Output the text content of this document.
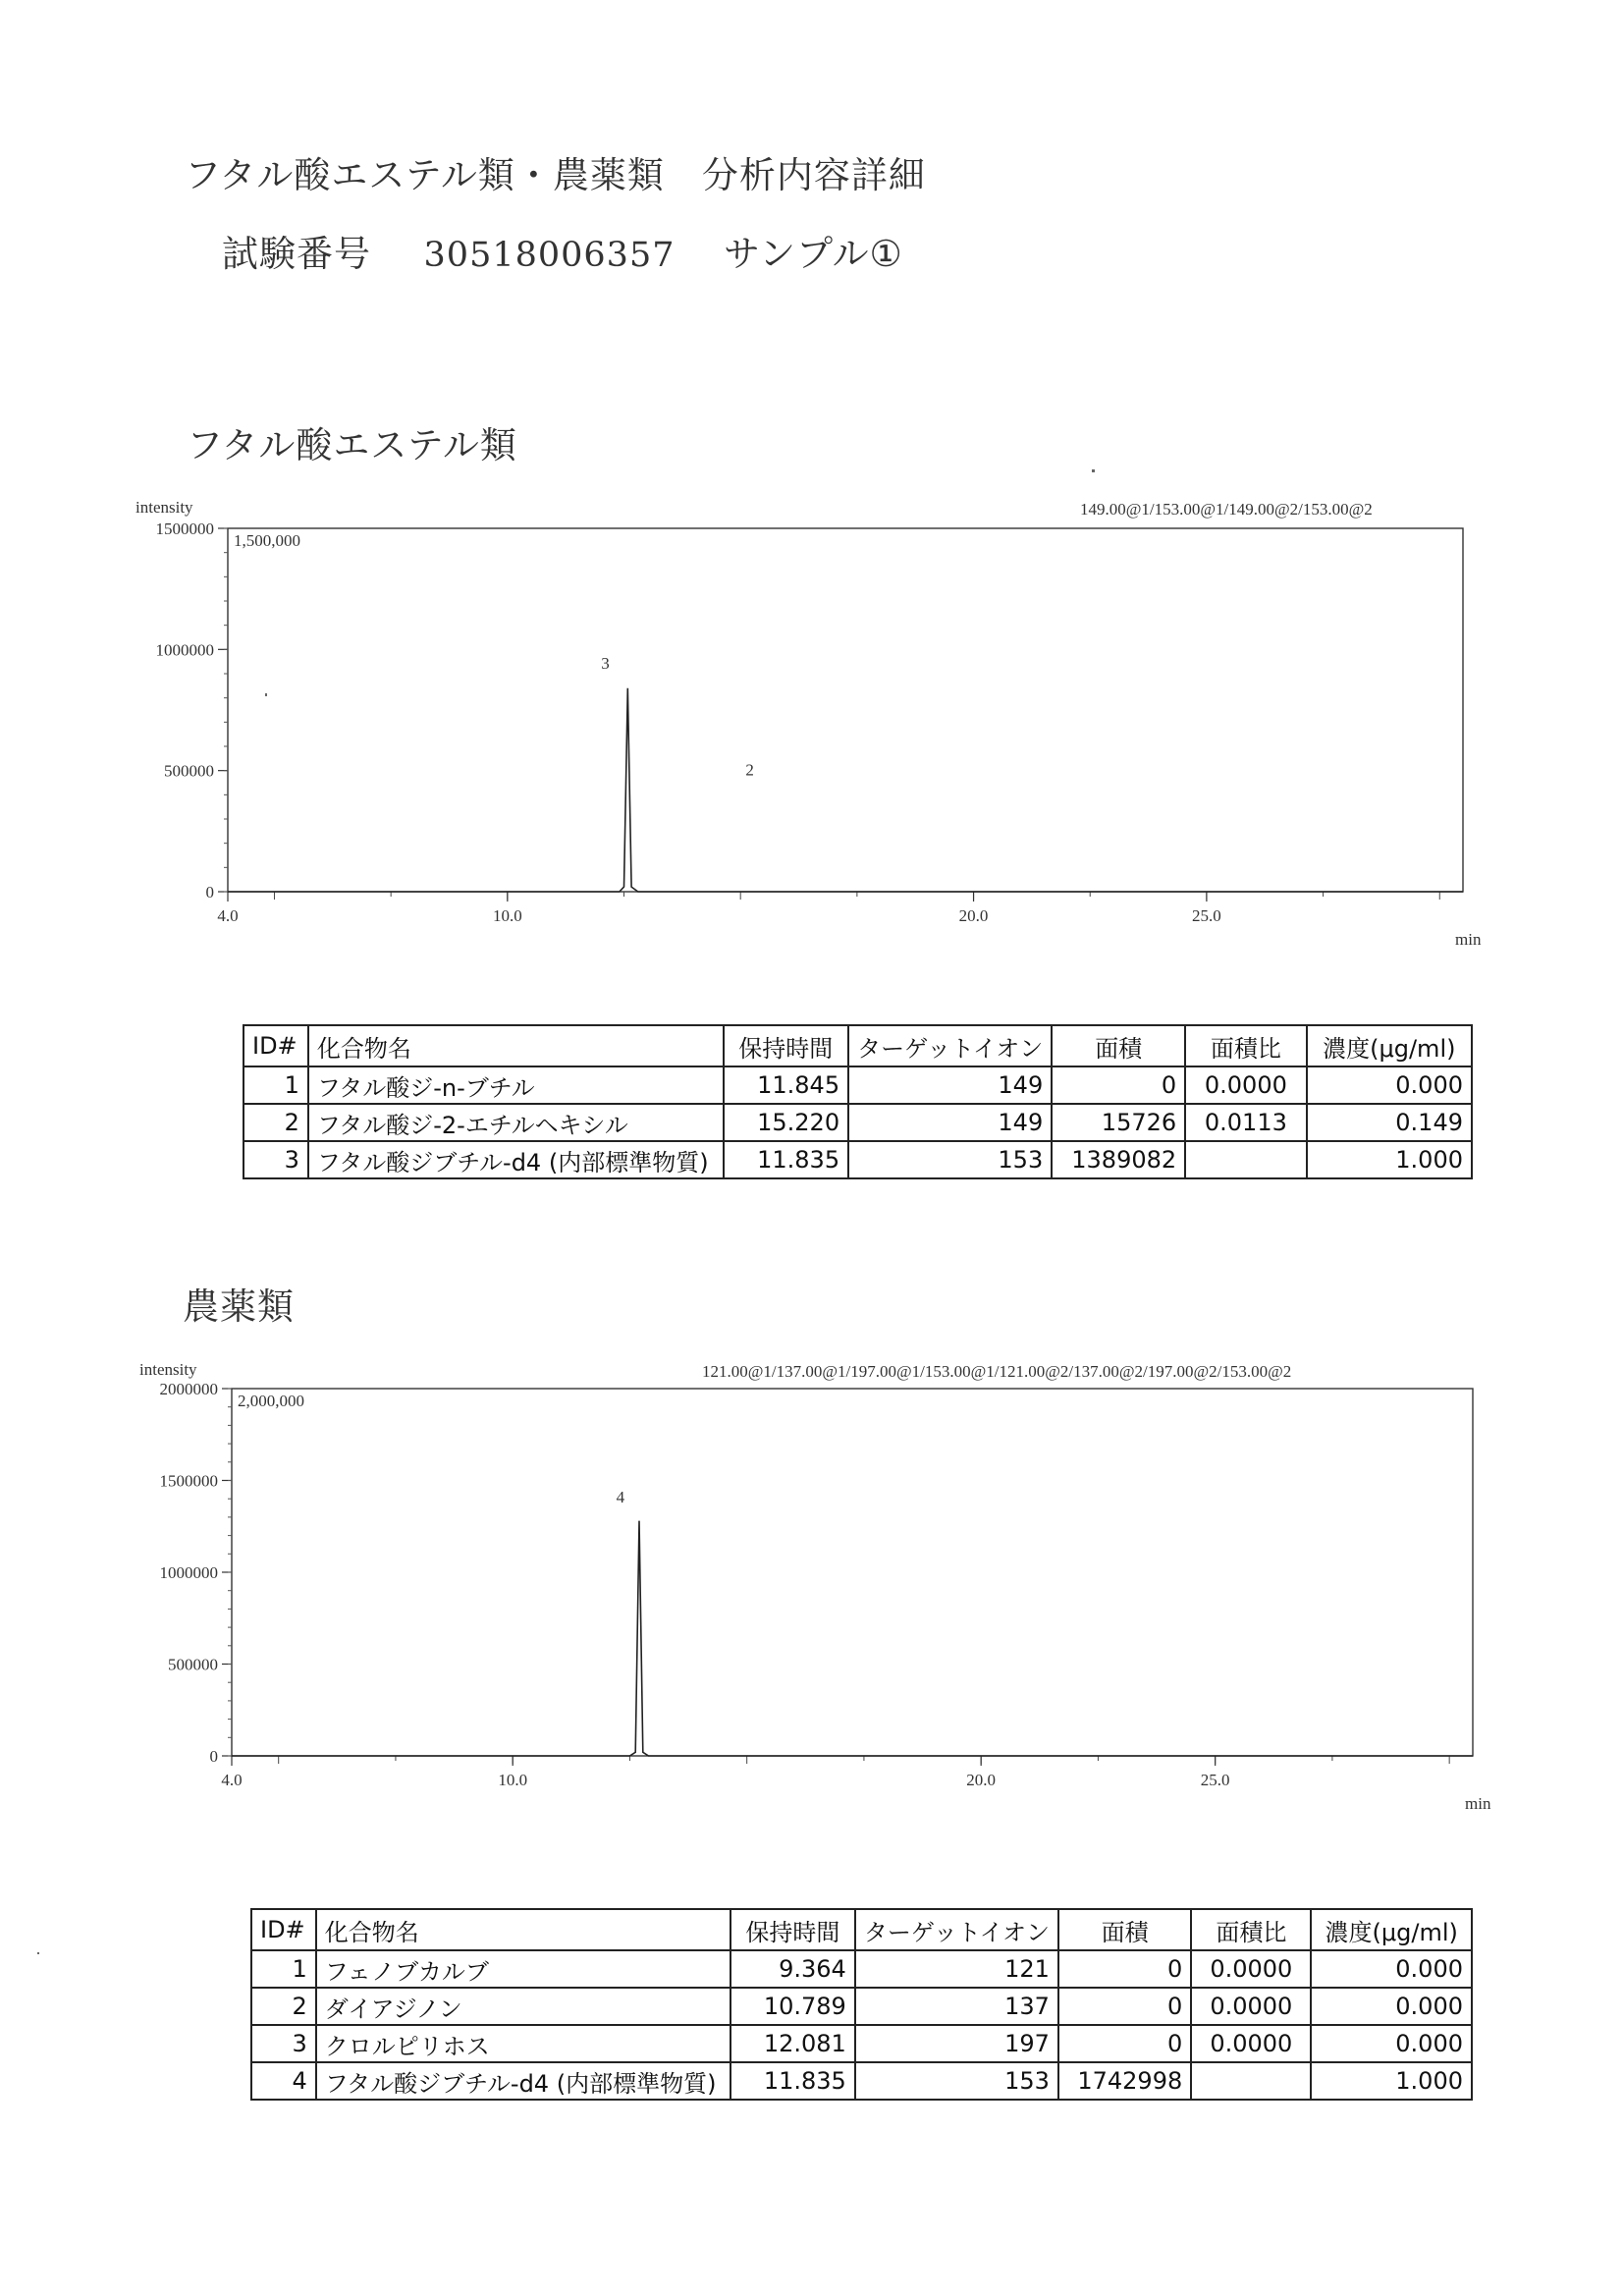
フタル酸エステル類・農薬類　分析内容詳細
試験番号 30518006357 サンプル①
フタル酸エステル類
intensity	149.00@1/153.00@1/149.00@2/153.00@2
min
0
500000
1000000
1500000
1,500,000
4.0	10.0	20.0	25.0
3
2
ID#	化合物名	保持時間	ターゲットイオン	面積	面積比	濃度(μg/ml)
1	フタル酸ジ-n-ブチル	11.845	149	0	0.0000	0.000
2	フタル酸ジ-2-エチルヘキシル	15.220	149	15726	0.0113	0.149
3	フタル酸ジブチル-d4 (内部標準物質)	11.835	153	1389082		1.000
農薬類
intensity	121.00@1/137.00@1/197.00@1/153.00@1/121.00@2/137.00@2/197.00@2/153.00@2
min
0
500000
1000000
1500000
2000000
2,000,000
4.0	10.0	20.0	25.0
4
ID#	化合物名	保持時間	ターゲットイオン	面積	面積比	濃度(μg/ml)
1	フェノブカルブ	9.364	121	0	0.0000	0.000
2	ダイアジノン	10.789	137	0	0.0000	0.000
3	クロルピリホス	12.081	197	0	0.0000	0.000
4	フタル酸ジブチル-d4 (内部標準物質)	11.835	153	1742998		1.000
